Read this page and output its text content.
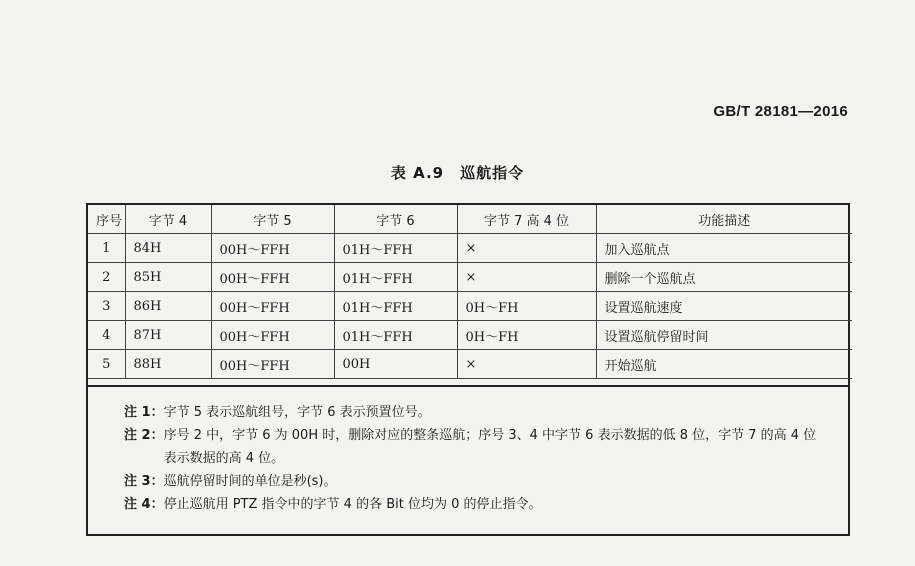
GB/T 28181—2016
表 A.9　巡航指令
序号	字节 4	字节 5	字节 6	字节 7 高 4 位	功能描述
1	84H	00H～FFH	01H～FFH	×	加入巡航点
2	85H	00H～FFH	01H～FFH	×	删除一个巡航点
3	86H	00H～FFH	01H～FFH	0H～FH	设置巡航速度
4	87H	00H～FFH	01H～FFH	0H～FH	设置巡航停留时间
5	88H	00H～FFH	00H	×	开始巡航
注 1： 字节 5 表示巡航组号，字节 6 表示预置位号。
注 2： 序号 2 中，字节 6 为 00H 时，删除对应的整条巡航；序号 3、4 中字节 6 表示数据的低 8 位，字节 7 的高 4 位表示数据的高 4 位。
注 3： 巡航停留时间的单位是秒(s)。
注 4： 停止巡航用 PTZ 指令中的字节 4 的各 Bit 位均为 0 的停止指令。
